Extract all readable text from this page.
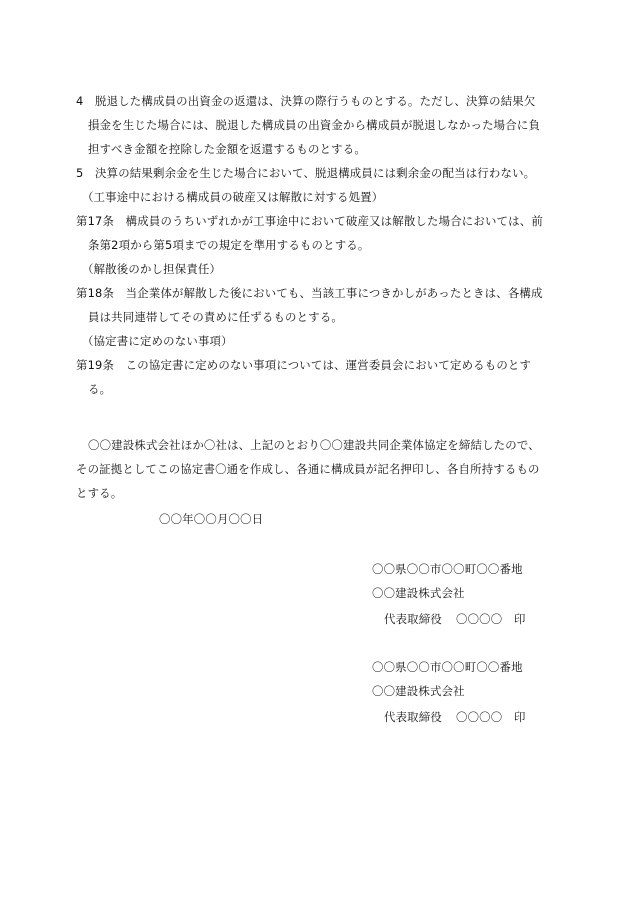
4　脱退した構成員の出資金の返還は、決算の際行うものとする。ただし、決算の結果欠
損金を生じた場合には、脱退した構成員の出資金から構成員が脱退しなかった場合に負
担すべき金額を控除した金額を返還するものとする。
5　決算の結果剰余金を生じた場合において、脱退構成員には剰余金の配当は行わない。
（工事途中における構成員の破産又は解散に対する処置）
第17条　構成員のうちいずれかが工事途中において破産又は解散した場合においては、前
条第2項から第5項までの規定を準用するものとする。
（解散後のかし担保責任）
第18条　当企業体が解散した後においても、当該工事につきかしがあったときは、各構成
員は共同連帯してその責めに任ずるものとする。
（協定書に定めのない事項）
第19条　この協定書に定めのない事項については、運営委員会において定めるものとす
る。
〇〇建設株式会社ほか〇社は、上記のとおり〇〇建設共同企業体協定を締結したので、
その証拠としてこの協定書〇通を作成し、各通に構成員が記名押印し、各自所持するもの
とする。
〇〇年〇〇月〇〇日
〇〇県〇〇市〇〇町〇〇番地
〇〇建設株式会社
代表取締役 〇〇〇〇 印
〇〇県〇〇市〇〇町〇〇番地
〇〇建設株式会社
代表取締役 〇〇〇〇 印
